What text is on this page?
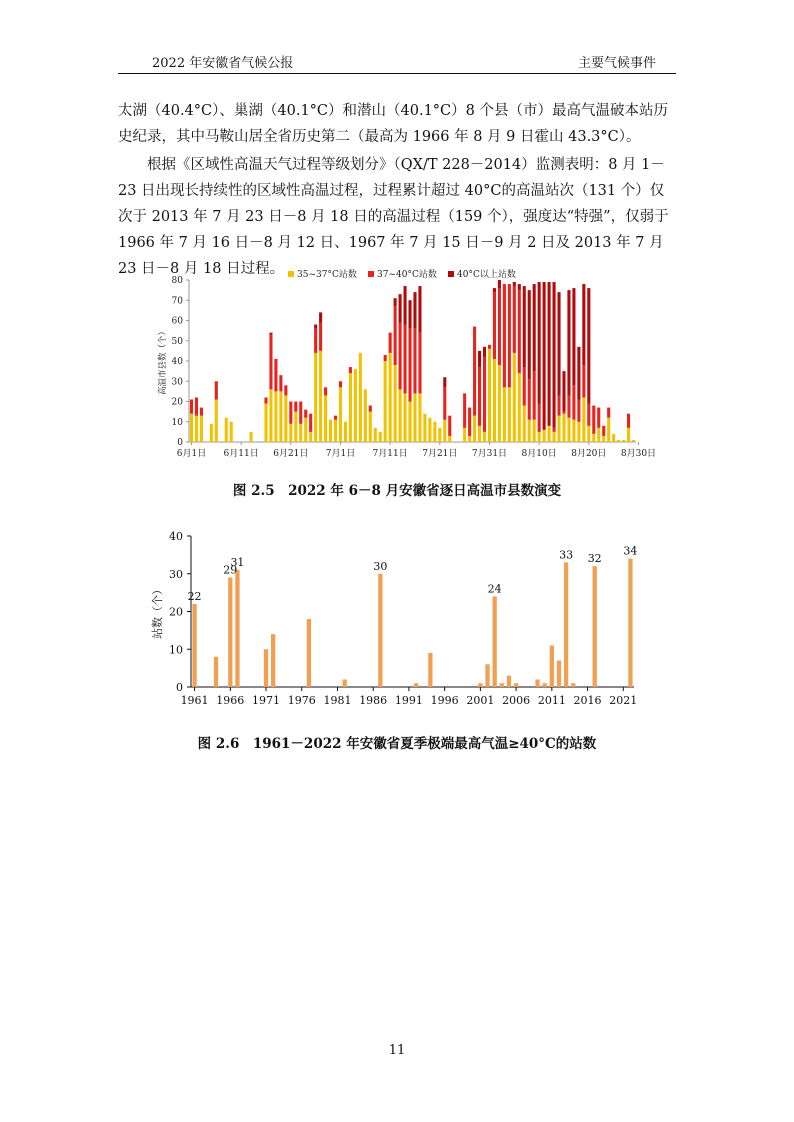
2022 年安徽省气候公报	主要气候事件

太湖（40.4°C）、巢湖（40.1°C）和潜山（40.1°C）8 个县（市）最高气温破本站历史纪录，其中马鞍山居全省历史第二（最高为 1966 年 8 月 9 日霍山 43.3°C）。

根据《区域性高温天气过程等级划分》（QX/T 228－2014）监测表明：8 月 1－23 日出现长持续性的区域性高温过程，过程累计超过 40°C的高温站次（131 个）仅次于 2013 年 7 月 23 日－8 月 18 日的高温过程（159 个），强度达“特强”，仅弱于 1966 年 7 月 16 日－8 月 12 日、1967 年 7 月 15 日－9 月 2 日及 2013 年 7 月 23 日－8 月 18 日过程。

0
10
20
30
40
50
60
70
80
6月1日 6月11日 6月21日 7月1日 7月11日 7月21日 7月31日 8月10日 8月20日 8月30日
高温市县数（个）
35~37°C站数 37~40°C站数 40°C以上站数
图 2.5　2022 年 6－8 月安徽省逐日高温市县数演变
0
10
20
30
40
1961 1966 1971 1976 1981 1986 1991 1996 2001 2006 2011 2016 2021
站数（个） 22
29
31	30
24
33 32
34
图 2.6　1961－2022 年安徽省夏季极端最高气温≥40°C的站数
11
